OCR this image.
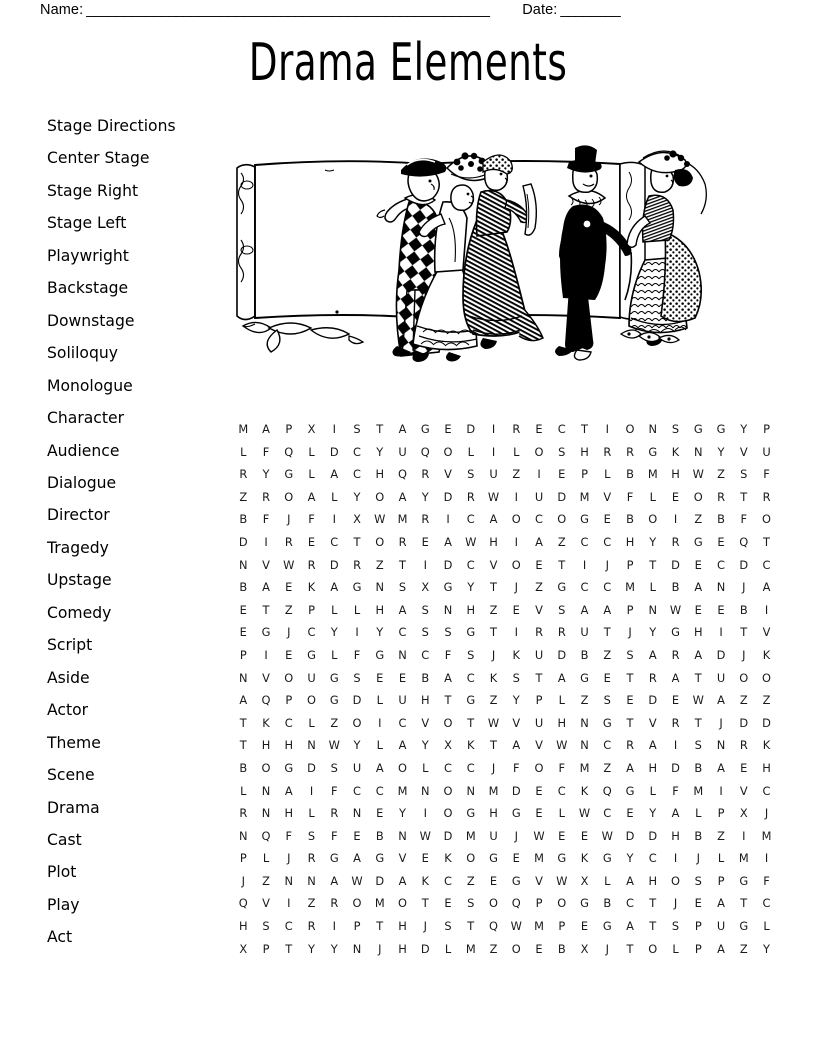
Name: ______________________________________________________	Date: ________
Drama Elements
Stage Directions
Center Stage
Stage Right
Stage Left
Playwright
Backstage
Downstage
Soliloquy
Monologue
Character
Audience
Dialogue
Director
Tragedy
Upstage
Comedy
Script
Aside
Actor
Theme
Scene
Drama
Cast
Plot
Play
Act
M	A	P	X	I	S	T	A	G	E	D	I	R	E	C	T	I	O	N	S	G	G	Y	P
L	F	Q	L	D	C	Y	U	Q	O	L	I	L	O	S	H	R	R	G	K	N	Y	V	U
R	Y	G	L	A	C	H	Q	R	V	S	U	Z	I	E	P	L	B	M	H	W	Z	S	F
Z	R	O	A	L	Y	O	A	Y	D	R	W	I	U	D	M	V	F	L	E	O	R	T	R
B	F	J	F	I	X	W	M	R	I	C	A	O	C	O	G	E	B	O	I	Z	B	F	O
D	I	R	E	C	T	O	R	E	A	W	H	I	A	Z	C	C	H	Y	R	G	E	Q	T
N	V	W	R	D	R	Z	T	I	D	C	V	O	E	T	I	J	P	T	D	E	C	D	C
B	A	E	K	A	G	N	S	X	G	Y	T	J	Z	G	C	C	M	L	B	A	N	J	A
E	T	Z	P	L	L	H	A	S	N	H	Z	E	V	S	A	A	P	N	W	E	E	B	I
E	G	J	C	Y	I	Y	C	S	S	G	T	I	R	R	U	T	J	Y	G	H	I	T	V
P	I	E	G	L	F	G	N	C	F	S	J	K	U	D	B	Z	S	A	R	A	D	J	K
N	V	O	U	G	S	E	E	B	A	C	K	S	T	A	G	E	T	R	A	T	U	O	O
A	Q	P	O	G	D	L	U	H	T	G	Z	Y	P	L	Z	S	E	D	E	W	A	Z	Z
T	K	C	L	Z	O	I	C	V	O	T	W	V	U	H	N	G	T	V	R	T	J	D	D
T	H	H	N	W	Y	L	A	Y	X	K	T	A	V	W	N	C	R	A	I	S	N	R	K
B	O	G	D	S	U	A	O	L	C	C	J	F	O	F	M	Z	A	H	D	B	A	E	H
L	N	A	I	F	C	C	M	N	O	N	M	D	E	C	K	Q	G	L	F	M	I	V	C
R	N	H	L	R	N	E	Y	I	O	G	H	G	E	L	W	C	E	Y	A	L	P	X	J
N	Q	F	S	F	E	B	N	W	D	M	U	J	W	E	E	W	D	D	H	B	Z	I	M
P	L	J	R	G	A	G	V	E	K	O	G	E	M	G	K	G	Y	C	I	J	L	M	I
J	Z	N	N	A	W	D	A	K	C	Z	E	G	V	W	X	L	A	H	O	S	P	G	F
Q	V	I	Z	R	O	M	O	T	E	S	O	Q	P	O	G	B	C	T	J	E	A	T	C
H	S	C	R	I	P	T	H	J	S	T	Q	W	M	P	E	G	A	T	S	P	U	G	L
X	P	T	Y	Y	N	J	H	D	L	M	Z	O	E	B	X	J	T	O	L	P	A	Z	Y
